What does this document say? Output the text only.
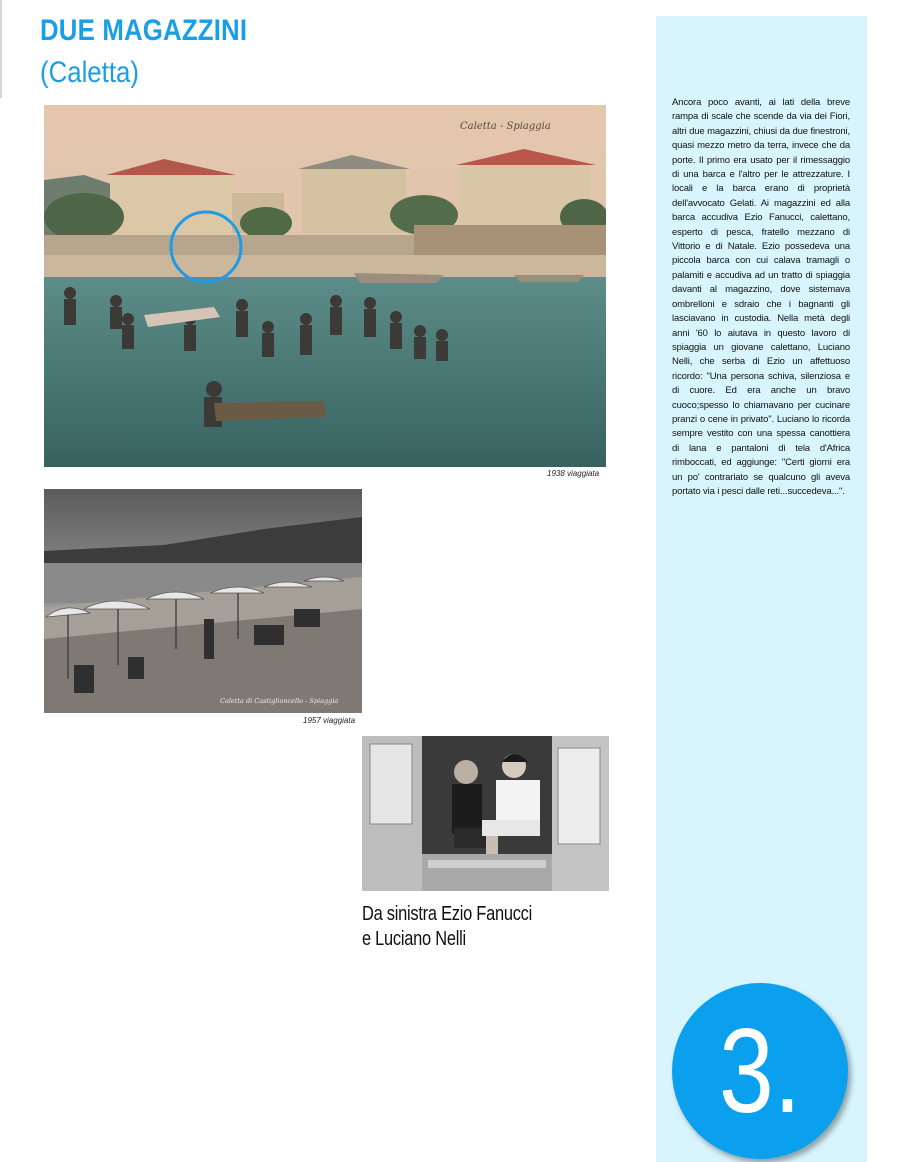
DUE MAGAZZINI
(Caletta)

Ancora poco avanti, ai lati della breve rampa di scale che scende da via dei Fiori, altri due magazzini, chiusi da due finestroni, quasi mezzo metro da terra, invece che da porte. Il primo era usato per il rimessaggio di una barca e l'altro per le attrezzature. I locali e la barca erano di proprietà dell'avvocato Gelati. Ai magazzini ed alla barca accudiva Ezio Fanucci, calettano, esperto di pesca, fratello mezzano di Vittorio e di Natale. Ezio possedeva una piccola barca con cui calava tramagli o palamiti e accudiva ad un tratto di spiaggia davanti al magazzino, dove sistemava ombrelloni e sdraio che i bagnanti gli lasciavano in custodia. Nella metà degli anni '60 lo aiutava in questo lavoro di spiaggia un giovane calettano, Luciano Nelli, che serba di Ezio un affettuoso ricordo: "Una persona schiva, silenziosa e di cuore. Ed era anche un bravo cuoco;spesso lo chiamavano per cucinare pranzi o cene in privato". Luciano lo ricorda sempre vestito con una spessa canottiera di lana e pantaloni di tela d'Africa rimboccati, ed aggiunge: "Certi giorni era un po' contrariato se qualcuno gli aveva portato via i pesci dalle reti...succedeva...".

Caletta - Spiaggia
1938 viaggiata
Caletta di Castiglioncello - Spiaggia
1957 viaggiata

Da sinistra Ezio Fanucci
e Luciano Nelli

3.
